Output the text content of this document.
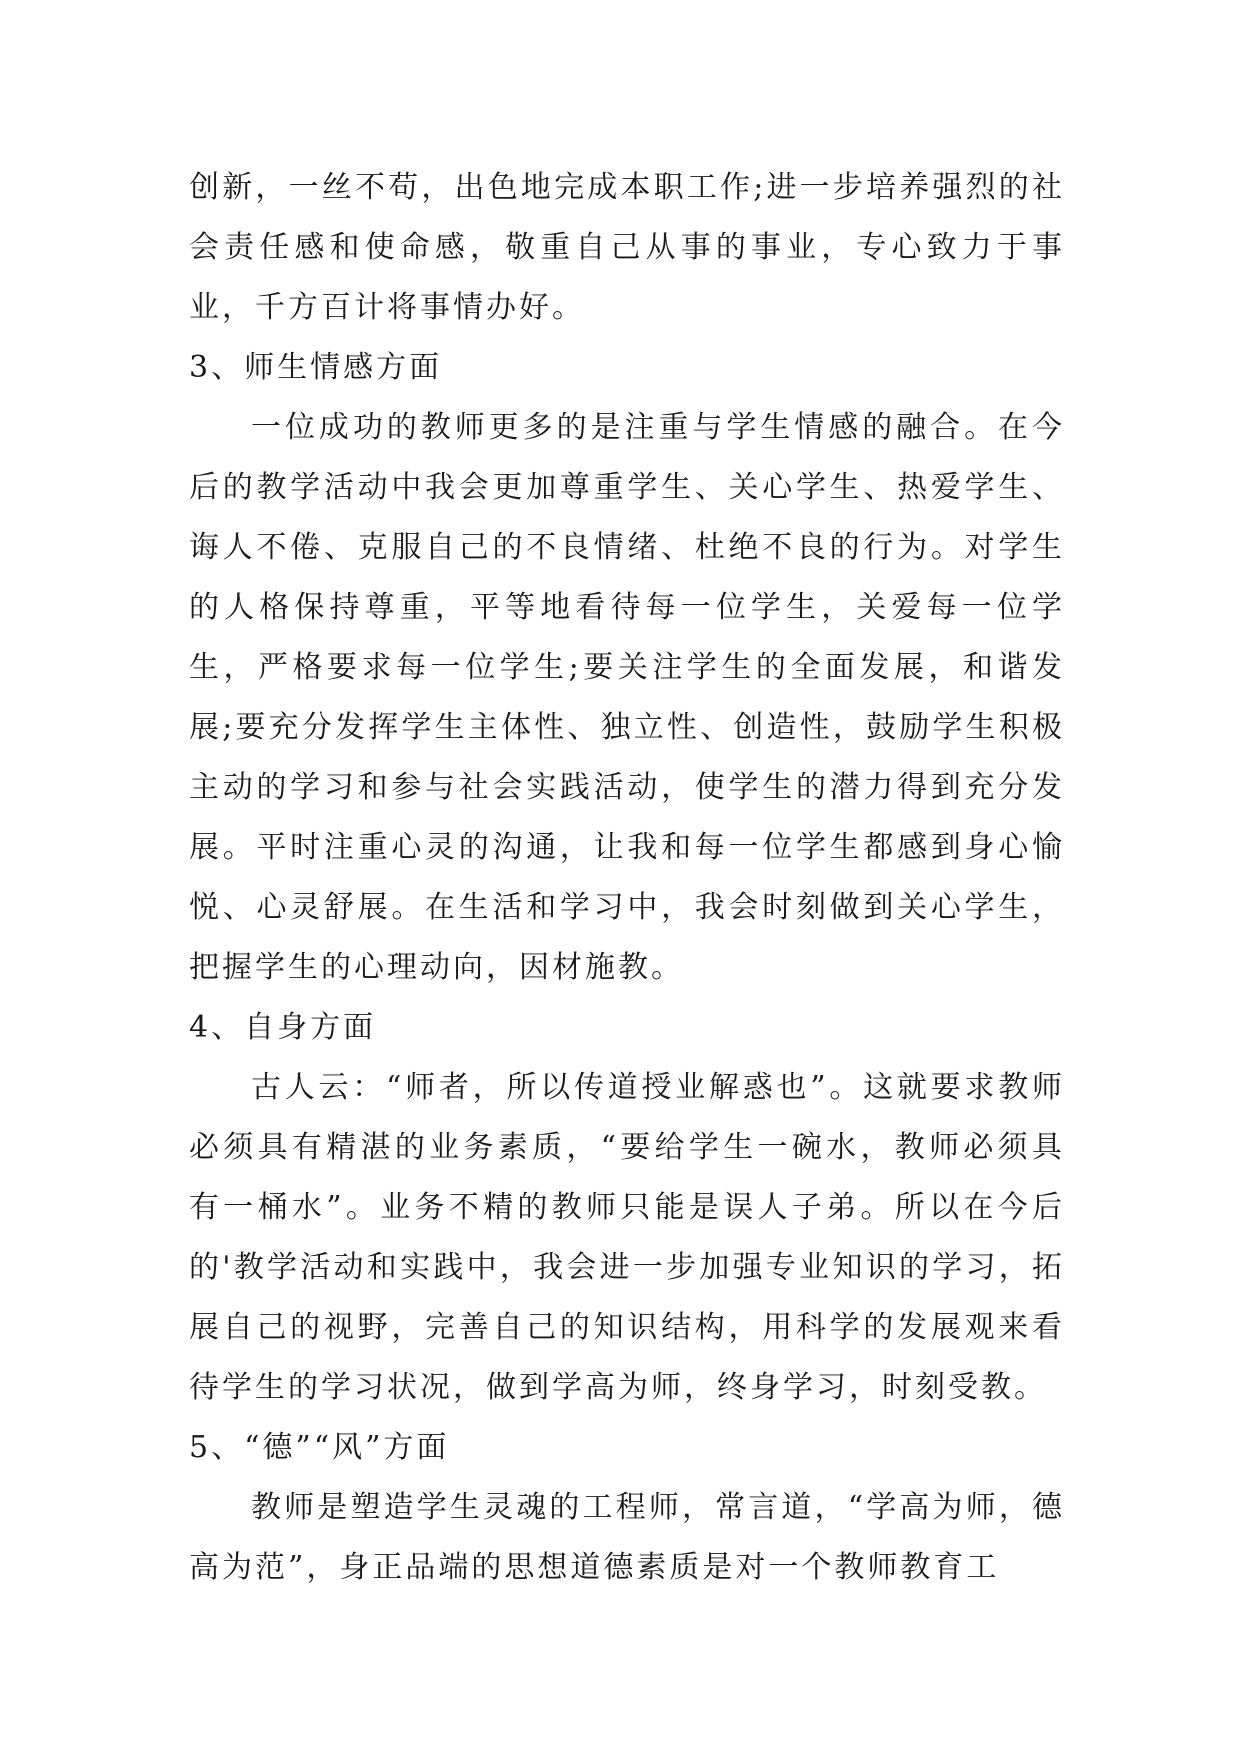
创新，一丝不苟，出色地完成本职工作;进一步培养强烈的社会责任感和使命感，敬重自己从事的事业，专心致力于事业，千方百计将事情办好。

3、师生情感方面

一位成功的教师更多的是注重与学生情感的融合。在今后的教学活动中我会更加尊重学生、关心学生、热爱学生、诲人不倦、克服自己的不良情绪、杜绝不良的行为。对学生的人格保持尊重，平等地看待每一位学生，关爱每一位学生，严格要求每一位学生;要关注学生的全面发展，和谐发展;要充分发挥学生主体性、独立性、创造性，鼓励学生积极主动的学习和参与社会实践活动，使学生的潜力得到充分发展。平时注重心灵的沟通，让我和每一位学生都感到身心愉悦、心灵舒展。在生活和学习中，我会时刻做到关心学生，把握学生的心理动向，因材施教。

4、自身方面

古人云：“师者，所以传道授业解惑也”。这就要求教师必须具有精湛的业务素质，“要给学生一碗水，教师必须具有一桶水”。业务不精的教师只能是误人子弟。所以在今后的'教学活动和实践中，我会进一步加强专业知识的学习，拓展自己的视野，完善自己的知识结构，用科学的发展观来看待学生的学习状况，做到学高为师，终身学习，时刻受教。

5、“德”“风”方面

教师是塑造学生灵魂的工程师，常言道，“学高为师，德高为范”，身正品端的思想道德素质是对一个教师教育工
